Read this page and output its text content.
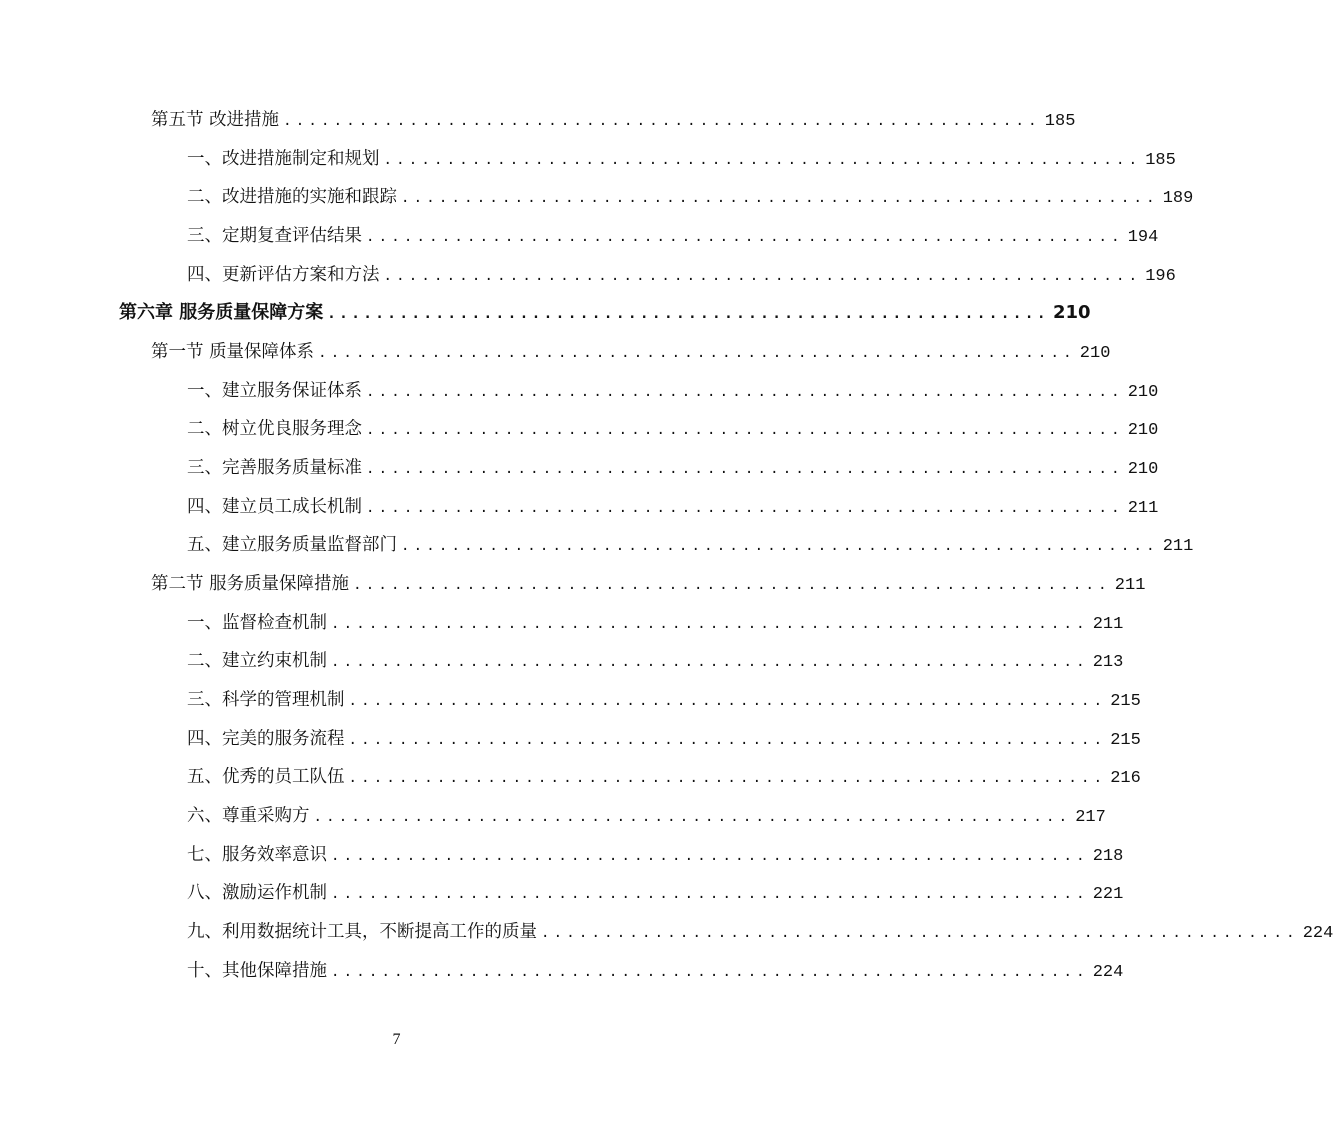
第五节 改进措施 ............................................................ 185
一、改进措施制定和规划 ............................................................ 185
二、改进措施的实施和跟踪 ............................................................ 189
三、定期复查评估结果 ............................................................ 194
四、更新评估方案和方法 ............................................................ 196
第六章 服务质量保障方案 ............................................................ 210
第一节 质量保障体系 ............................................................ 210
一、建立服务保证体系 ............................................................ 210
二、树立优良服务理念 ............................................................ 210
三、完善服务质量标准 ............................................................ 210
四、建立员工成长机制 ............................................................ 211
五、建立服务质量监督部门 ............................................................ 211
第二节 服务质量保障措施 ............................................................ 211
一、监督检查机制 ............................................................ 211
二、建立约束机制 ............................................................ 213
三、科学的管理机制 ............................................................ 215
四、完美的服务流程 ............................................................ 215
五、优秀的员工队伍 ............................................................ 216
六、尊重采购方 ............................................................ 217
七、服务效率意识 ............................................................ 218
八、激励运作机制 ............................................................ 221
九、利用数据统计工具，不断提高工作的质量 ............................................................ 224
十、其他保障措施 ............................................................ 224
7
